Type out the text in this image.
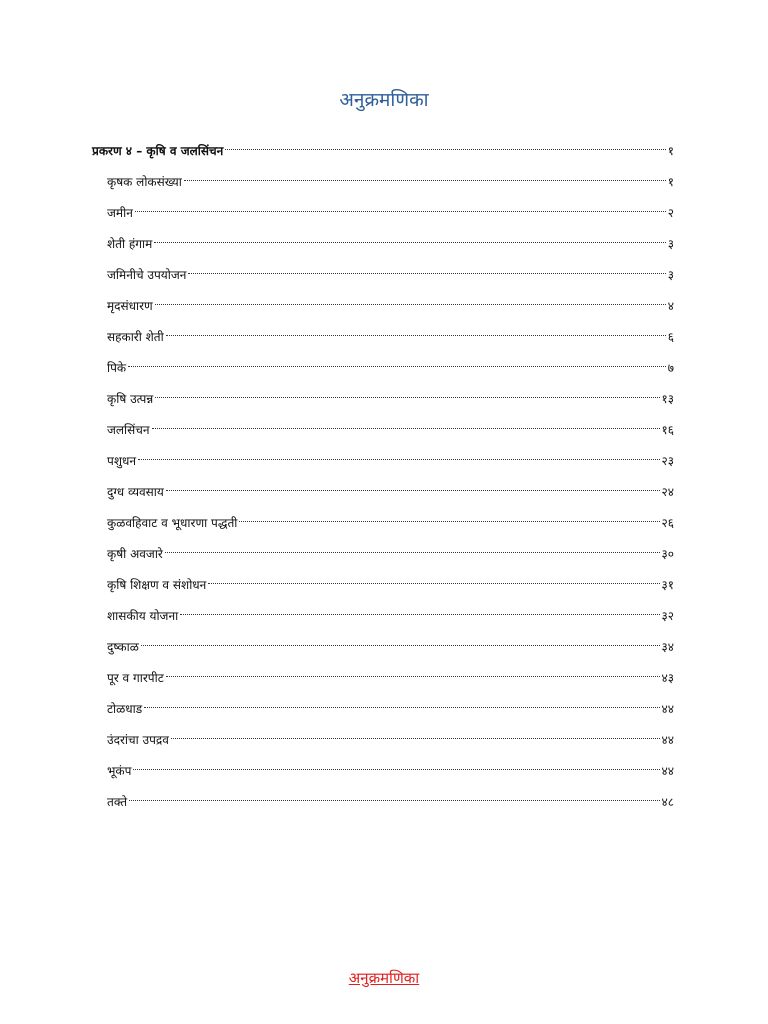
अनुक्रमणिका
प्रकरण ४ – कृषि व जलसिंचन	१
कृषक लोकसंख्या	१
जमीन	२
शेती हंगाम	३
जमिनीचे उपयोजन	३
मृदसंधारण	४
सहकारी शेती	६
पिके	७
कृषि उत्पन्न	१३
जलसिंचन	१६
पशुधन	२३
दुग्ध व्यवसाय	२४
कुळवहिवाट व भूधारणा पद्धती	२६
कृषी अवजारे	३०
कृषि शिक्षण व संशोधन	३१
शासकीय योजना	३२
दुष्काळ	३४
पूर व गारपीट	४३
टोळधाड	४४
उंदरांचा उपद्रव	४४
भूकंप	४४
तक्ते	४८
अनुक्रमणिका
